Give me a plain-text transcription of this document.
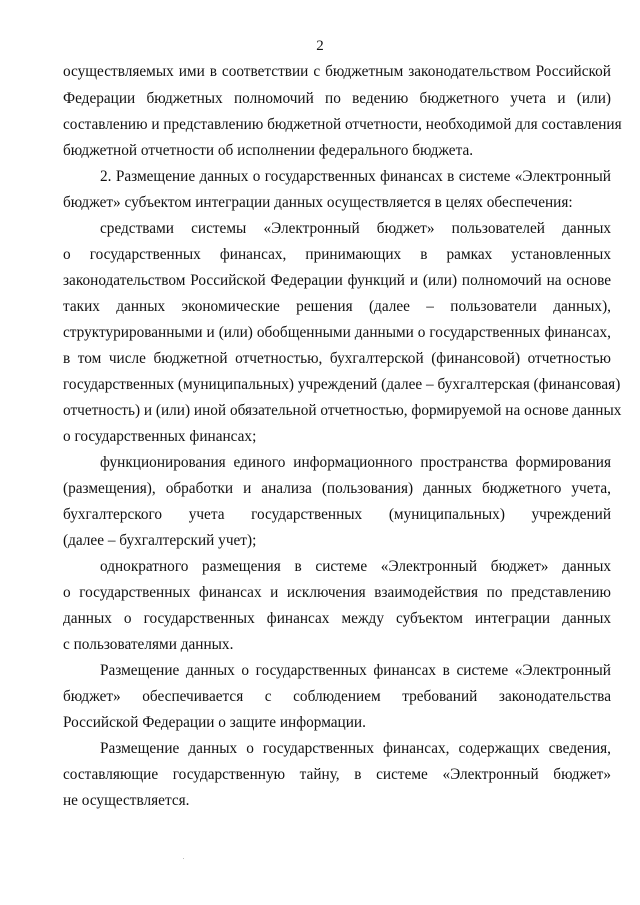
2
осуществляемых ими в соответствии с бюджетным законодательством Российской
Федерации бюджетных полномочий по ведению бюджетного учета и (или)
составлению и представлению бюджетной отчетности, необходимой для составления
бюджетной отчетности об исполнении федерального бюджета.
2. Размещение данных о государственных финансах в системе «Электронный
бюджет» субъектом интеграции данных осуществляется в целях обеспечения:
средствами системы «Электронный бюджет» пользователей данных
о государственных финансах, принимающих в рамках установленных
законодательством Российской Федерации функций и (или) полномочий на основе
таких данных экономические решения (далее – пользователи данных),
структурированными и (или) обобщенными данными о государственных финансах,
в том числе бюджетной отчетностью, бухгалтерской (финансовой) отчетностью
государственных (муниципальных) учреждений (далее – бухгалтерская (финансовая)
отчетность) и (или) иной обязательной отчетностью, формируемой на основе данных
о государственных финансах;
функционирования единого информационного пространства формирования
(размещения), обработки и анализа (пользования) данных бюджетного учета,
бухгалтерского учета государственных (муниципальных) учреждений
(далее – бухгалтерский учет);
однократного размещения в системе «Электронный бюджет» данных
о государственных финансах и исключения взаимодействия по представлению
данных о государственных финансах между субъектом интеграции данных
с пользователями данных.
Размещение данных о государственных финансах в системе «Электронный
бюджет» обеспечивается с соблюдением требований законодательства
Российской Федерации о защите информации.
Размещение данных о государственных финансах, содержащих сведения,
составляющие государственную тайну, в системе «Электронный бюджет»
не осуществляется.
